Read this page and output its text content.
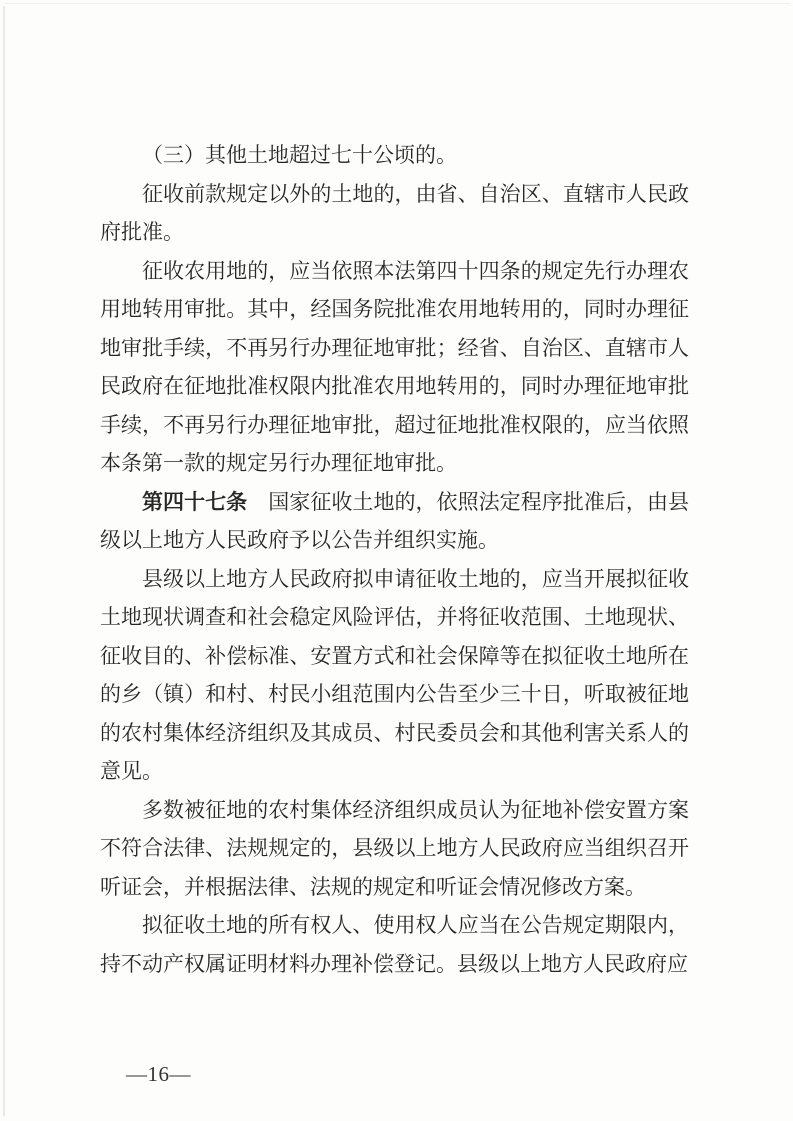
（三）其他土地超过七十公顷的。

征收前款规定以外的土地的，由省、自治区、直辖市人民政府批准。

征收农用地的，应当依照本法第四十四条的规定先行办理农用地转用审批。其中，经国务院批准农用地转用的，同时办理征地审批手续，不再另行办理征地审批；经省、自治区、直辖市人民政府在征地批准权限内批准农用地转用的，同时办理征地审批手续，不再另行办理征地审批，超过征地批准权限的，应当依照本条第一款的规定另行办理征地审批。

第四十七条　国家征收土地的，依照法定程序批准后，由县级以上地方人民政府予以公告并组织实施。

县级以上地方人民政府拟申请征收土地的，应当开展拟征收土地现状调查和社会稳定风险评估，并将征收范围、土地现状、征收目的、补偿标准、安置方式和社会保障等在拟征收土地所在的乡（镇）和村、村民小组范围内公告至少三十日，听取被征地的农村集体经济组织及其成员、村民委员会和其他利害关系人的意见。

多数被征地的农村集体经济组织成员认为征地补偿安置方案不符合法律、法规规定的，县级以上地方人民政府应当组织召开听证会，并根据法律、法规的规定和听证会情况修改方案。

拟征收土地的所有权人、使用权人应当在公告规定期限内，持不动产权属证明材料办理补偿登记。县级以上地方人民政府应

—16—
